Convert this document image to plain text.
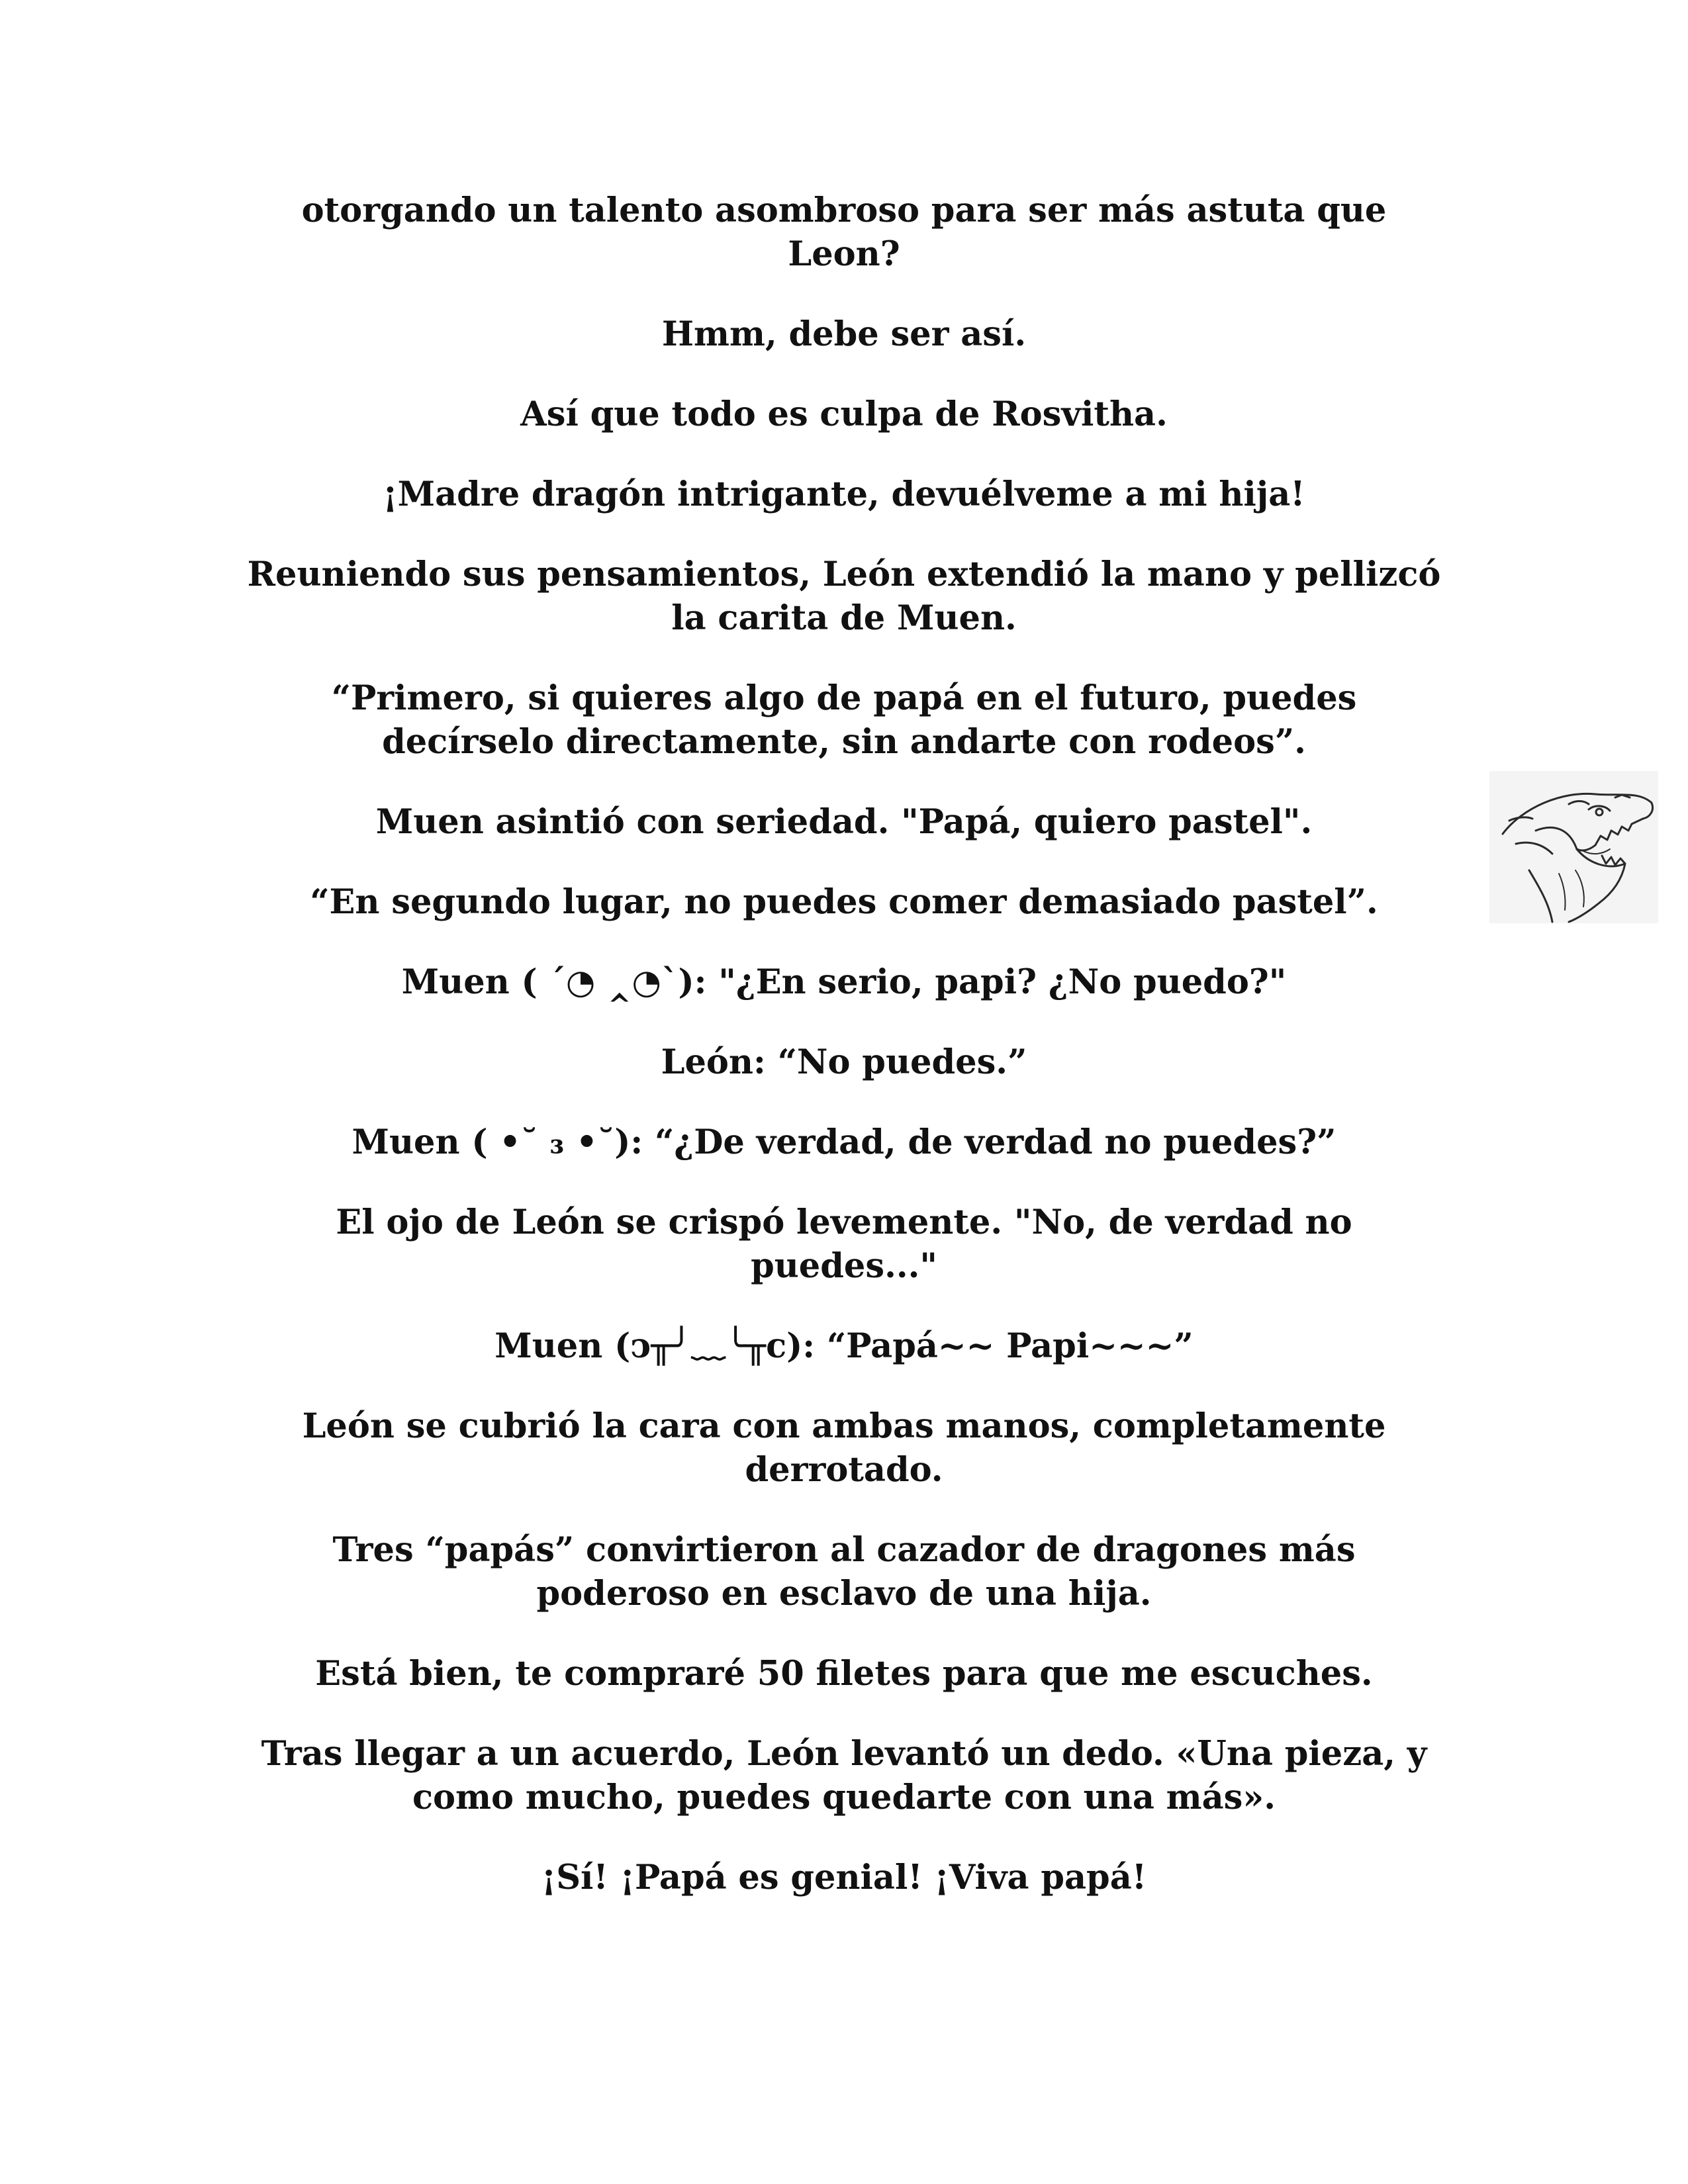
otorgando un talento asombroso para ser más astuta que
Leon?

Hmm, debe ser así.

Así que todo es culpa de Rosvitha.

¡Madre dragón intrigante, devuélveme a mi hija!

Reuniendo sus pensamientos, León extendió la mano y pellizcó
la carita de Muen.

“Primero, si quieres algo de papá en el futuro, puedes
decírselo directamente, sin andarte con rodeos”.

Muen asintió con seriedad. "Papá, quiero pastel".

“En segundo lugar, no puedes comer demasiado pastel”.

Muen ( ´◔ ‸◔`): "¿En serio, papi? ¿No puedo?"

León: “No puedes.”

Muen ( •˘ ₃ •˘): “¿De verdad, de verdad no puedes?”

El ojo de León se crispó levemente. "No, de verdad no
puedes..."

Muen (ↄ╥╯﹏╰╥c): “Papá~~ Papi~~~”

León se cubrió la cara con ambas manos, completamente
derrotado.

Tres “papás” convirtieron al cazador de dragones más
poderoso en esclavo de una hija.

Está bien, te compraré 50 filetes para que me escuches.

Tras llegar a un acuerdo, León levantó un dedo. «Una pieza, y
como mucho, puedes quedarte con una más».

¡Sí! ¡Papá es genial! ¡Viva papá!
